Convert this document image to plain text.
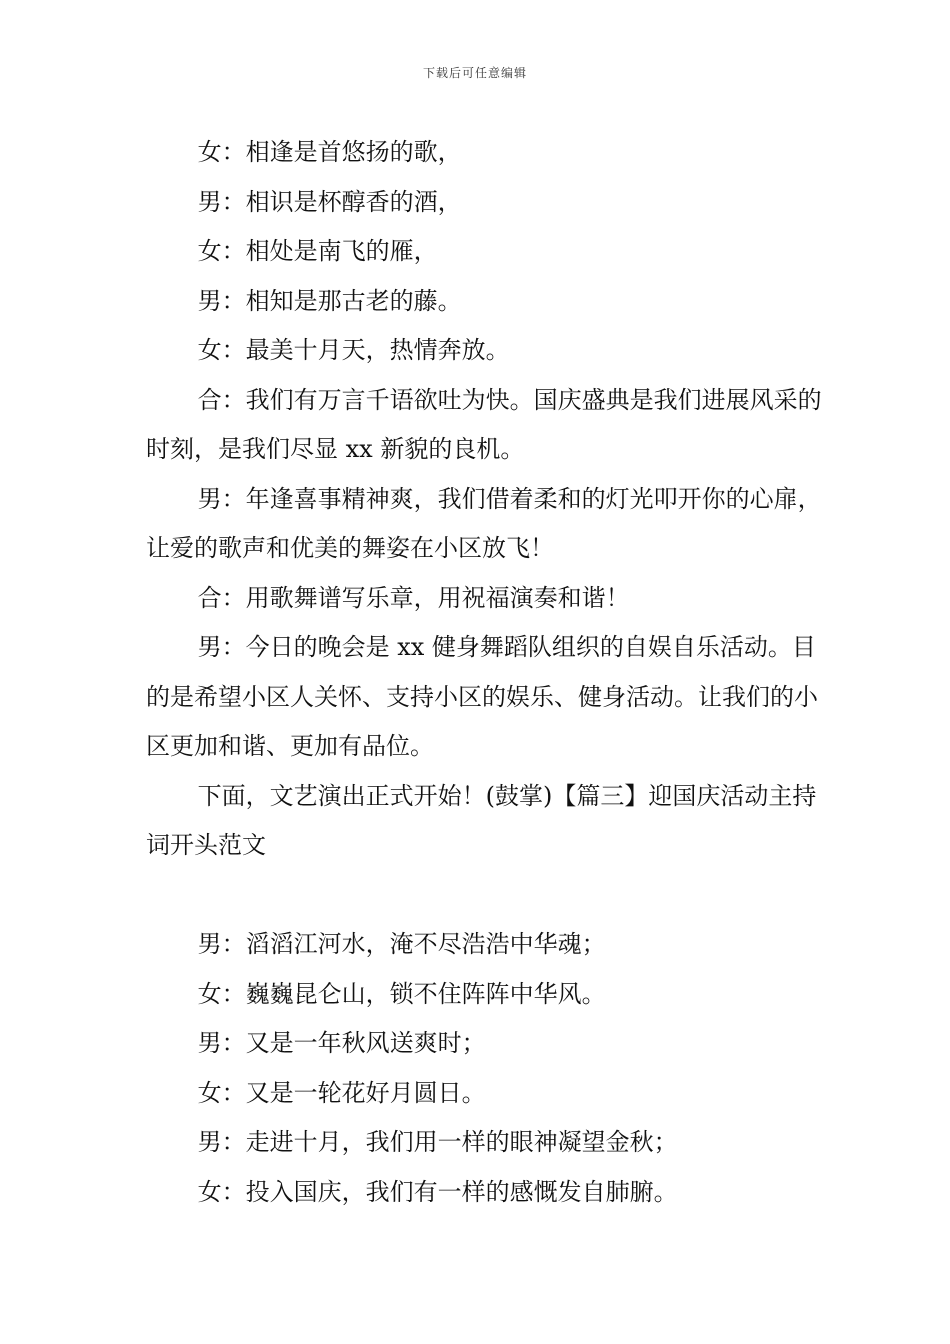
下载后可任意编辑

女：相逢是首悠扬的歌，

男：相识是杯醇香的酒，

女：相处是南飞的雁，

男：相知是那古老的藤。

女：最美十月天，热情奔放。

合：我们有万言千语欲吐为快。国庆盛典是我们进展风采的时刻，是我们尽显 xx 新貌的良机。

男：年逢喜事精神爽，我们借着柔和的灯光叩开你的心扉，让爱的歌声和优美的舞姿在小区放飞！

合：用歌舞谱写乐章，用祝福演奏和谐！

男：今日的晚会是 xx 健身舞蹈队组织的自娱自乐活动。目的是希望小区人关怀、支持小区的娱乐、健身活动。让我们的小区更加和谐、更加有品位。

下面，文艺演出正式开始！(鼓掌)【篇三】迎国庆活动主持词开头范文

男：滔滔江河水，淹不尽浩浩中华魂；

女：巍巍昆仑山，锁不住阵阵中华风。

男：又是一年秋风送爽时；

女：又是一轮花好月圆日。

男：走进十月，我们用一样的眼神凝望金秋；

女：投入国庆，我们有一样的感慨发自肺腑。
